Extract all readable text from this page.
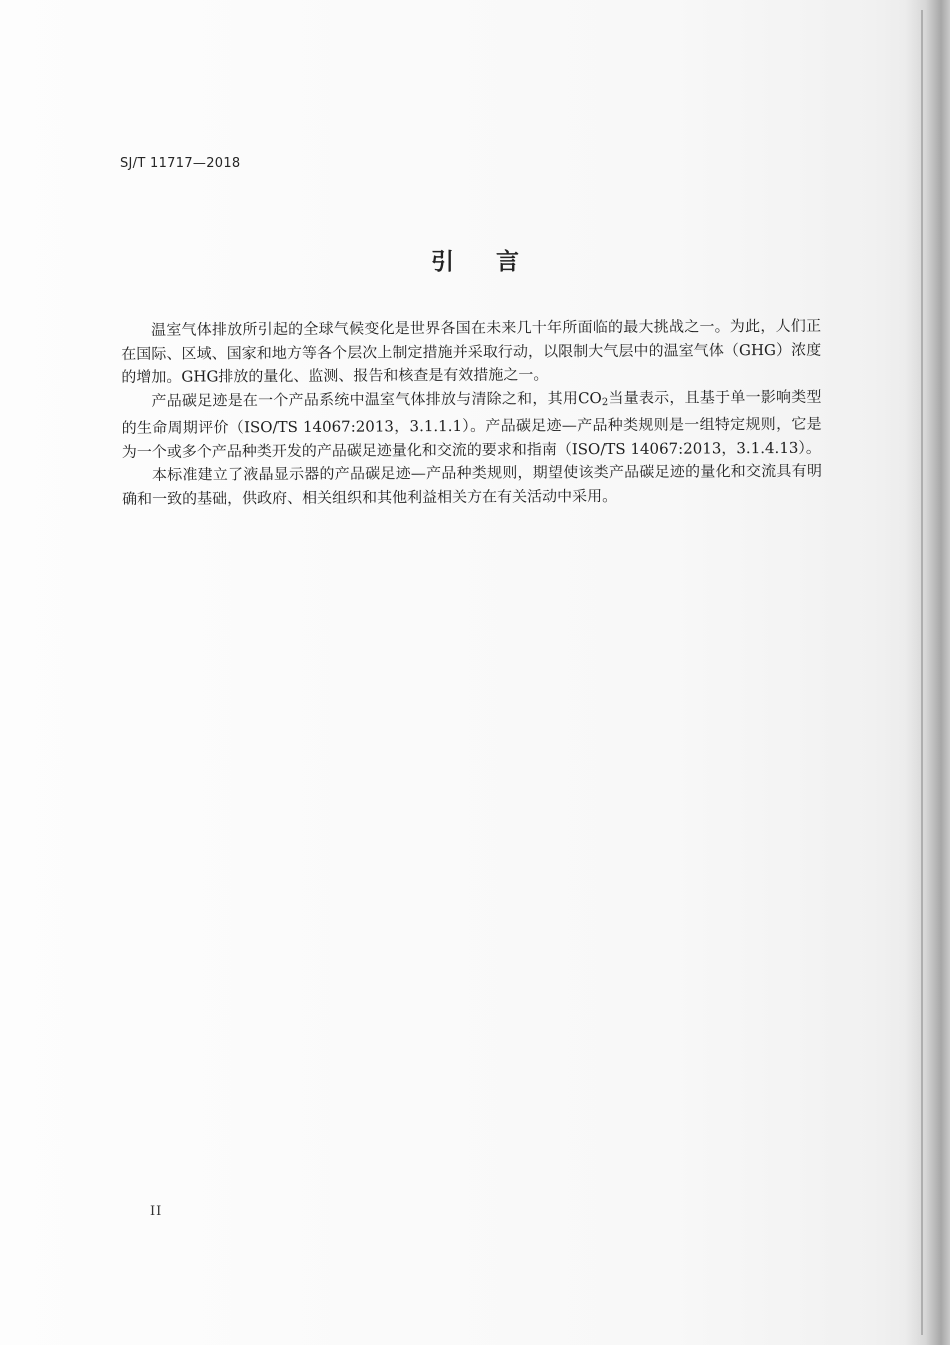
SJ/T 11717—2018
引 言

温室气体排放所引起的全球气候变化是世界各国在未来几十年所面临的最大挑战之一。为此，人们正在国际、区域、国家和地方等各个层次上制定措施并采取行动，以限制大气层中的温室气体（GHG）浓度的增加。GHG排放的量化、监测、报告和核查是有效措施之一。

产品碳足迹是在一个产品系统中温室气体排放与清除之和，其用$CO_2$当量表示，且基于单一影响类型的生命周期评价（ISO/TS 14067:2013，3.1.1.1）。产品碳足迹—产品种类规则是一组特定规则，它是为一个或多个产品种类开发的产品碳足迹量化和交流的要求和指南（ISO/TS 14067:2013，3.1.4.13）。

本标准建立了液晶显示器的产品碳足迹—产品种类规则，期望使该类产品碳足迹的量化和交流具有明确和一致的基础，供政府、相关组织和其他利益相关方在有关活动中采用。

II
